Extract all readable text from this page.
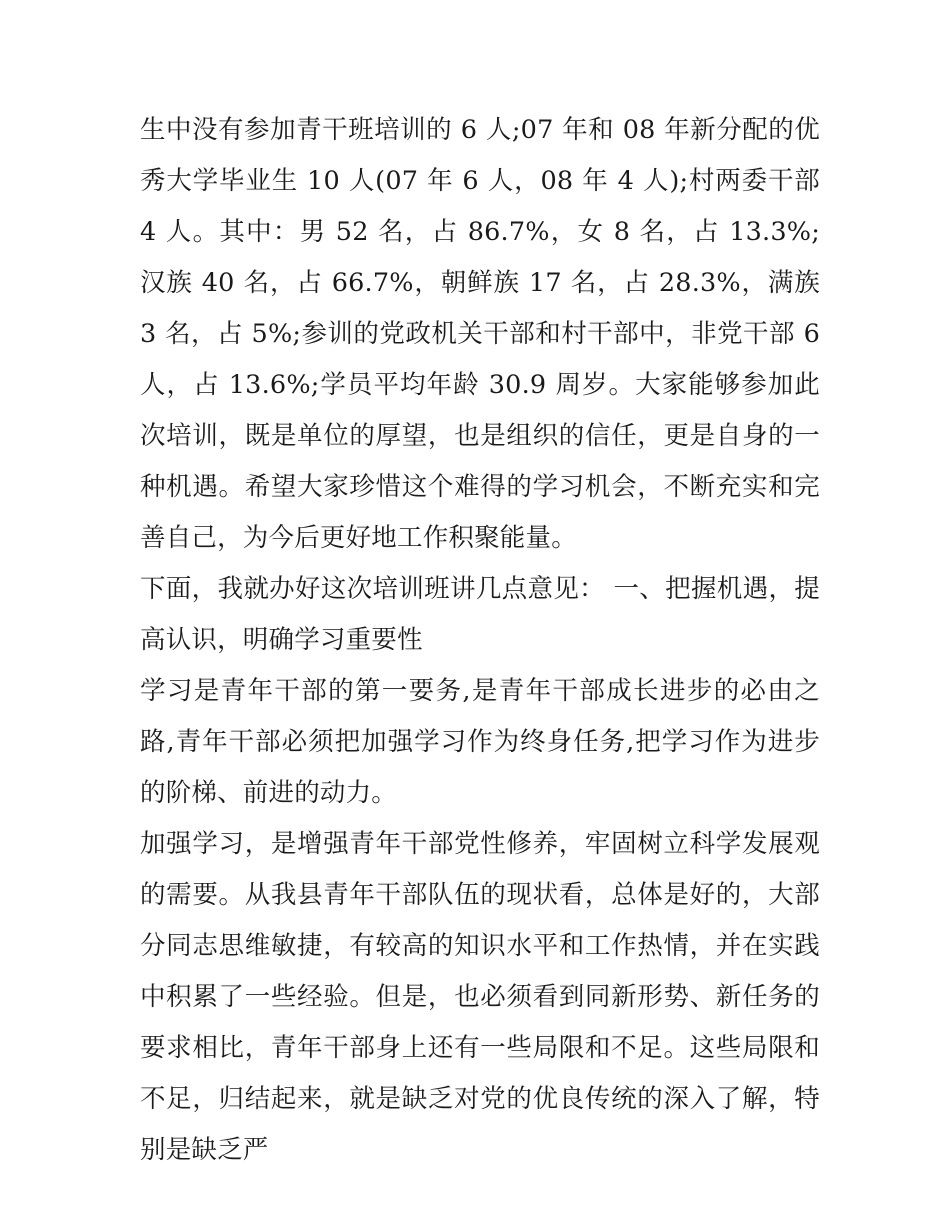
生中没有参加青干班培训的 6 人;07 年和 08 年新分配的优秀大学毕业生 10 人(07 年 6 人，08 年 4 人);村两委干部 4 人。其中：男 52 名，占 86.7%，女 8 名，占 13.3%;汉族 40 名，占 66.7%，朝鲜族 17 名，占 28.3%，满族 3 名，占 5%;参训的党政机关干部和村干部中，非党干部 6 人，占 13.6%;学员平均年龄 30.9 周岁。大家能够参加此次培训，既是单位的厚望，也是组织的信任，更是自身的一种机遇。希望大家珍惜这个难得的学习机会，不断充实和完善自己，为今后更好地工作积聚能量。

下面，我就办好这次培训班讲几点意见： 一、把握机遇，提高认识，明确学习重要性

学习是青年干部的第一要务,是青年干部成长进步的必由之路,青年干部必须把加强学习作为终身任务,把学习作为进步的阶梯、前进的动力。

加强学习，是增强青年干部党性修养，牢固树立科学发展观的需要。从我县青年干部队伍的现状看，总体是好的，大部分同志思维敏捷，有较高的知识水平和工作热情，并在实践中积累了一些经验。但是，也必须看到同新形势、新任务的要求相比，青年干部身上还有一些局限和不足。这些局限和不足，归结起来，就是缺乏对党的优良传统的深入了解，特别是缺乏严
